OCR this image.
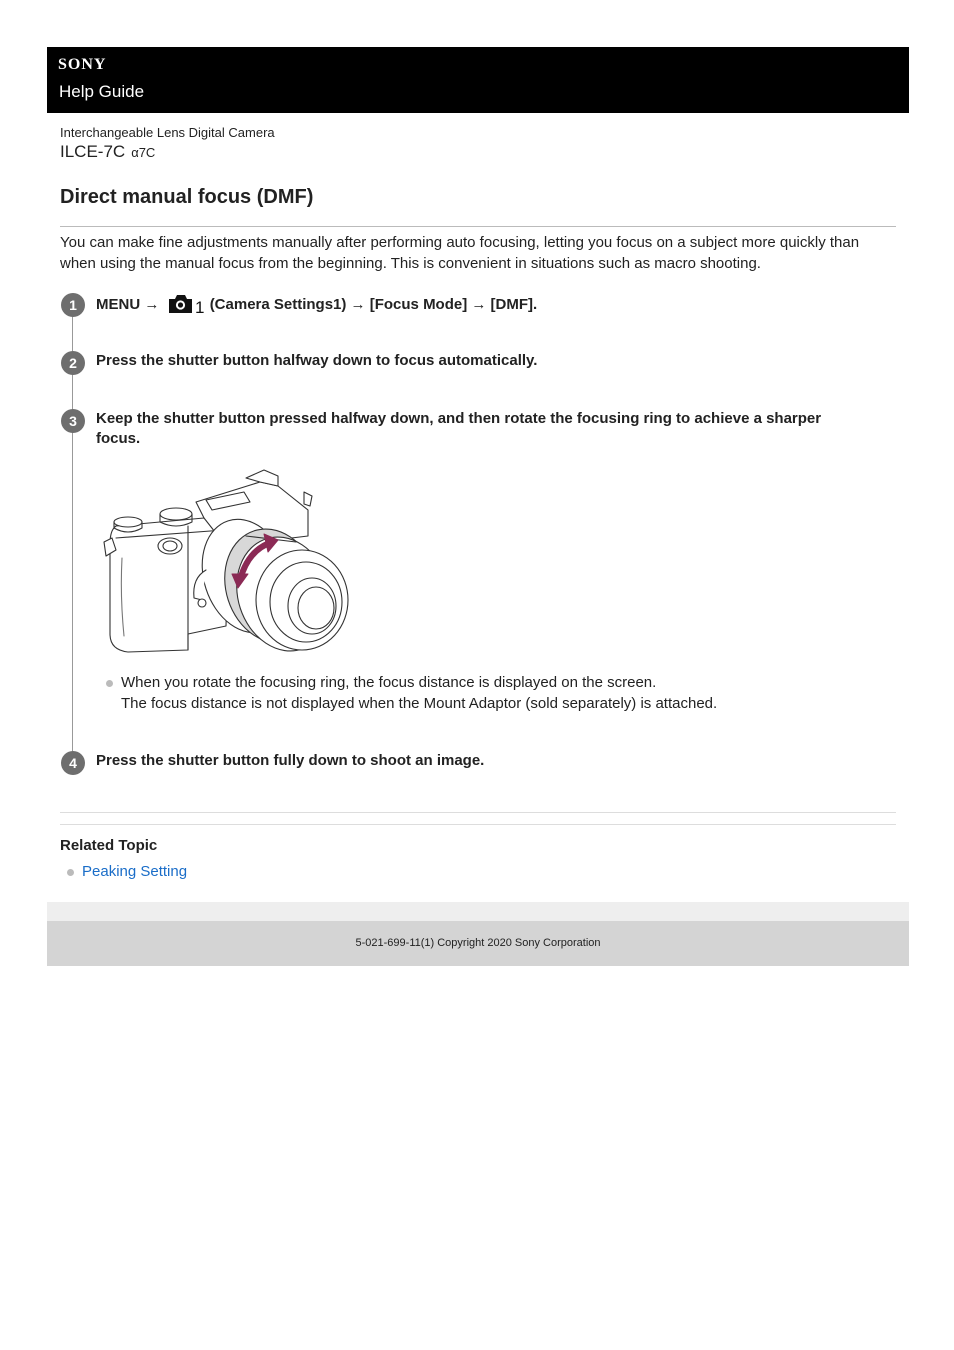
SONY
Help Guide
Interchangeable Lens Digital Camera
ILCE-7C α7C
Direct manual focus (DMF)
You can make fine adjustments manually after performing auto focusing, letting you focus on a subject more quickly than when using the manual focus from the beginning. This is convenient in situations such as macro shooting.
1	MENU → 1 (Camera Settings1) → [Focus Mode] → [DMF].
2	Press the shutter button halfway down to focus automatically.
3	Keep the shutter button pressed halfway down, and then rotate the focusing ring to achieve a sharper focus.
When you rotate the focusing ring, the focus distance is displayed on the screen.
The focus distance is not displayed when the Mount Adaptor (sold separately) is attached.
4	Press the shutter button fully down to shoot an image.
Related Topic
Peaking Setting
5-021-699-11(1) Copyright 2020 Sony Corporation
